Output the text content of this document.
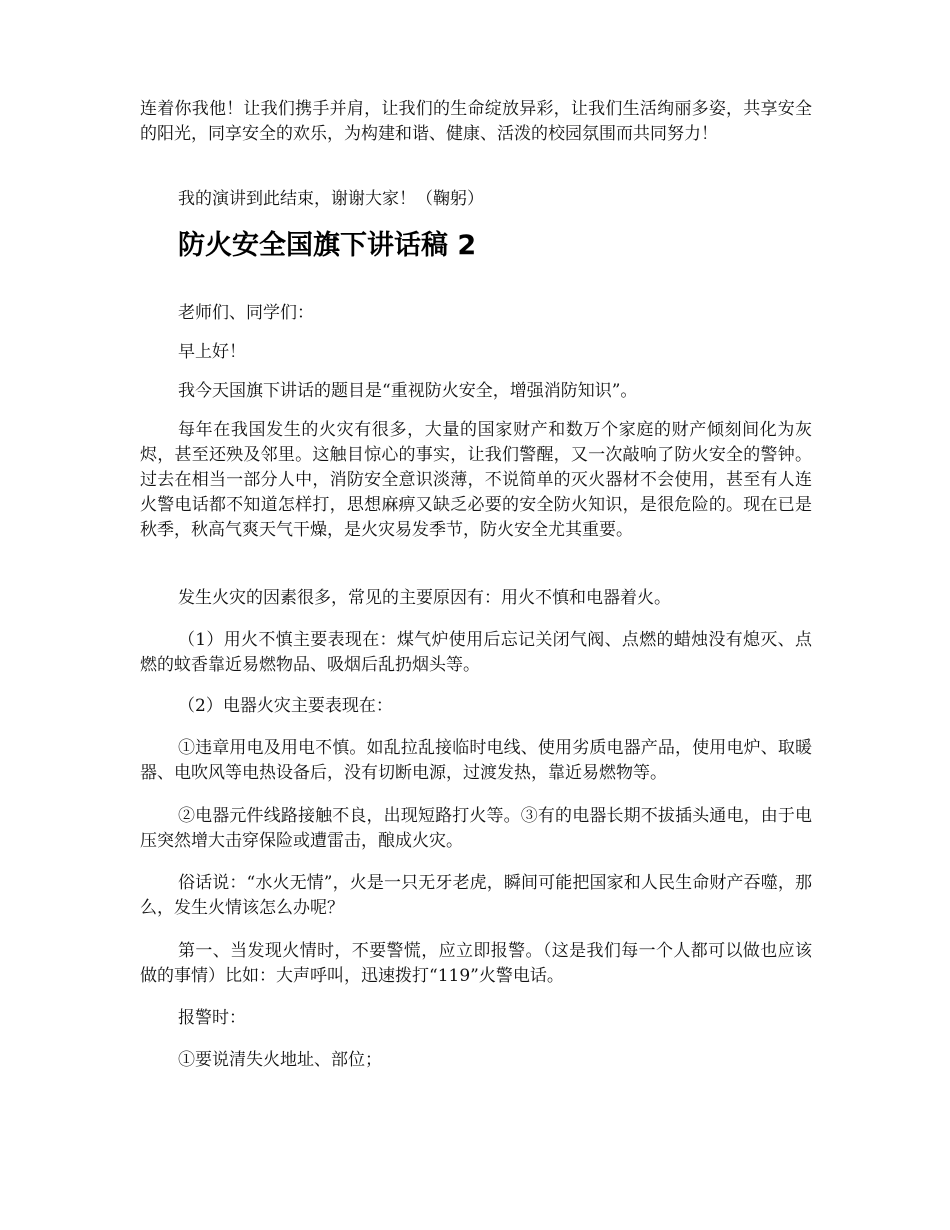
连着你我他！让我们携手并肩，让我们的生命绽放异彩，让我们生活绚丽多姿，共享安全的阳光，同享安全的欢乐，为构建和谐、健康、活泼的校园氛围而共同努力！

我的演讲到此结束，谢谢大家！（鞠躬）

防火安全国旗下讲话稿 2

老师们、同学们：

早上好！

我今天国旗下讲话的题目是“重视防火安全，增强消防知识”。

每年在我国发生的火灾有很多，大量的国家财产和数万个家庭的财产倾刻间化为灰烬，甚至还殃及邻里。这触目惊心的事实，让我们警醒，又一次敲响了防火安全的警钟。过去在相当一部分人中，消防安全意识淡薄，不说简单的灭火器材不会使用，甚至有人连火警电话都不知道怎样打，思想麻痹又缺乏必要的安全防火知识，是很危险的。现在已是秋季，秋高气爽天气干燥，是火灾易发季节，防火安全尤其重要。

发生火灾的因素很多，常见的主要原因有：用火不慎和电器着火。

（1）用火不慎主要表现在：煤气炉使用后忘记关闭气阀、点燃的蜡烛没有熄灭、点燃的蚊香靠近易燃物品、吸烟后乱扔烟头等。

（2）电器火灾主要表现在：

①违章用电及用电不慎。如乱拉乱接临时电线、使用劣质电器产品，使用电炉、取暖器、电吹风等电热设备后，没有切断电源，过渡发热，靠近易燃物等。

②电器元件线路接触不良，出现短路打火等。③有的电器长期不拔插头通电，由于电压突然增大击穿保险或遭雷击，酿成火灾。

俗话说：“水火无情”，火是一只无牙老虎，瞬间可能把国家和人民生命财产吞噬，那么，发生火情该怎么办呢？

第一、当发现火情时，不要警慌，应立即报警。（这是我们每一个人都可以做也应该做的事情）比如：大声呼叫，迅速拨打“119”火警电话。

报警时：

①要说清失火地址、部位；
